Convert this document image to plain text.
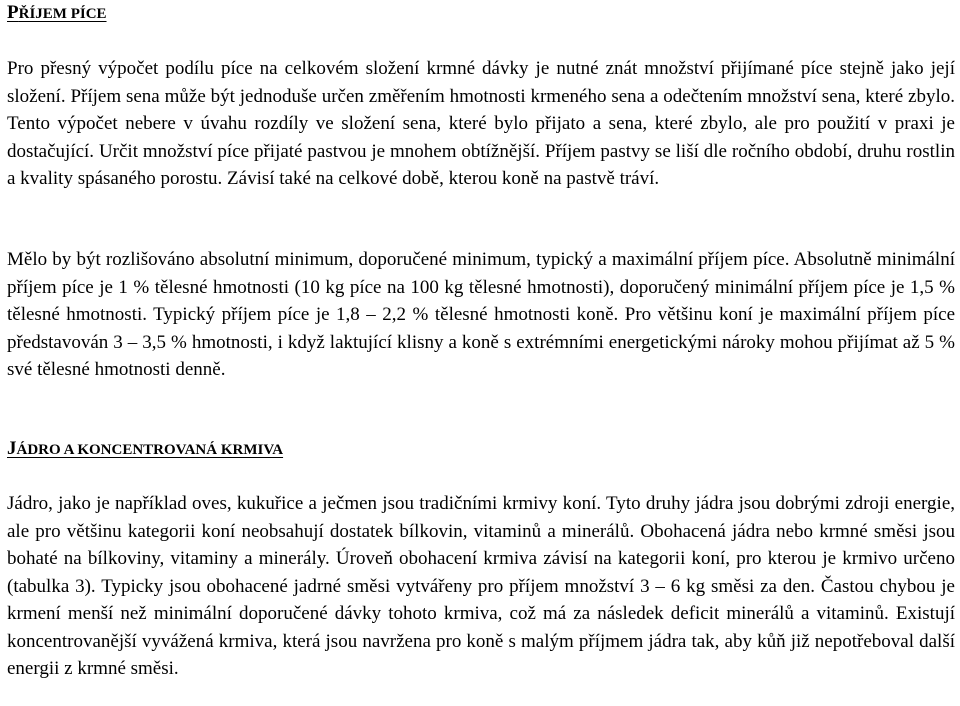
PŘÍJEM PÍCE

Pro přesný výpočet podílu píce na celkovém složení krmné dávky je nutné znát množství přijímané píce stejně jako její složení. Příjem sena může být jednoduše určen změřením hmotnosti krmeného sena a odečtením množství sena, které zbylo. Tento výpočet nebere v úvahu rozdíly ve složení sena, které bylo přijato a sena, které zbylo, ale pro použití v praxi je dostačující. Určit množství píce přijaté pastvou je mnohem obtížnější. Příjem pastvy se liší dle ročního období, druhu rostlin a kvality spásaného porostu. Závisí také na celkové době, kterou koně na pastvě tráví.

Mělo by být rozlišováno absolutní minimum, doporučené minimum, typický a maximální příjem píce. Absolutně minimální příjem píce je 1 % tělesné hmotnosti (10 kg píce na 100 kg tělesné hmotnosti), doporučený minimální příjem píce je 1,5 % tělesné hmotnosti. Typický příjem píce je 1,8 – 2,2 % tělesné hmotnosti koně. Pro většinu koní je maximální příjem píce představován 3 – 3,5 % hmotnosti, i když laktující klisny a koně s extrémními energetickými nároky mohou přijímat až 5 % své tělesné hmotnosti denně.

JÁDRO A KONCENTROVANÁ KRMIVA

Jádro, jako je například oves, kukuřice a ječmen jsou tradičními krmivy koní. Tyto druhy jádra jsou dobrými zdroji energie, ale pro většinu kategorii koní neobsahují dostatek bílkovin, vitaminů a minerálů. Obohacená jádra nebo krmné směsi jsou bohaté na bílkoviny, vitaminy a minerály. Úroveň obohacení krmiva závisí na kategorii koní, pro kterou je krmivo určeno (tabulka 3). Typicky jsou obohacené jadrné směsi vytvářeny pro příjem množství 3 – 6 kg směsi za den. Častou chybou je krmení menší než minimální doporučené dávky tohoto krmiva, což má za následek deficit minerálů a vitaminů. Existují koncentrovanější vyvážená krmiva, která jsou navržena pro koně s malým příjmem jádra tak, aby kůň již nepotřeboval další energii z krmné směsi.
